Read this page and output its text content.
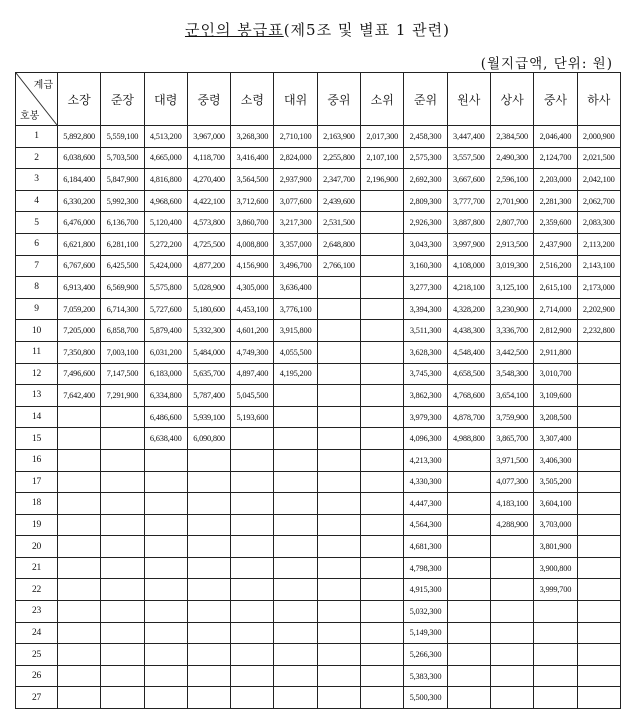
군인의 봉급표(제5조 및 별표 1 관련)
(월지급액, 단위: 원)
계급
호봉	소장	준장	대령	중령	소령	대위	중위	소위	준위	원사	상사	중사	하사
1	5,892,800	5,559,100	4,513,200	3,967,000	3,268,300	2,710,100	2,163,900	2,017,300	2,458,300	3,447,400	2,384,500	2,046,400	2,000,900
2	6,038,600	5,703,500	4,665,000	4,118,700	3,416,400	2,824,000	2,255,800	2,107,100	2,575,300	3,557,500	2,490,300	2,124,700	2,021,500
3	6,184,400	5,847,900	4,816,800	4,270,400	3,564,500	2,937,900	2,347,700	2,196,900	2,692,300	3,667,600	2,596,100	2,203,000	2,042,100
4	6,330,200	5,992,300	4,968,600	4,422,100	3,712,600	3,077,600	2,439,600		2,809,300	3,777,700	2,701,900	2,281,300	2,062,700
5	6,476,000	6,136,700	5,120,400	4,573,800	3,860,700	3,217,300	2,531,500		2,926,300	3,887,800	2,807,700	2,359,600	2,083,300
6	6,621,800	6,281,100	5,272,200	4,725,500	4,008,800	3,357,000	2,648,800		3,043,300	3,997,900	2,913,500	2,437,900	2,113,200
7	6,767,600	6,425,500	5,424,000	4,877,200	4,156,900	3,496,700	2,766,100		3,160,300	4,108,000	3,019,300	2,516,200	2,143,100
8	6,913,400	6,569,900	5,575,800	5,028,900	4,305,000	3,636,400			3,277,300	4,218,100	3,125,100	2,615,100	2,173,000
9	7,059,200	6,714,300	5,727,600	5,180,600	4,453,100	3,776,100			3,394,300	4,328,200	3,230,900	2,714,000	2,202,900
10	7,205,000	6,858,700	5,879,400	5,332,300	4,601,200	3,915,800			3,511,300	4,438,300	3,336,700	2,812,900	2,232,800
11	7,350,800	7,003,100	6,031,200	5,484,000	4,749,300	4,055,500			3,628,300	4,548,400	3,442,500	2,911,800	
12	7,496,600	7,147,500	6,183,000	5,635,700	4,897,400	4,195,200			3,745,300	4,658,500	3,548,300	3,010,700	
13	7,642,400	7,291,900	6,334,800	5,787,400	5,045,500				3,862,300	4,768,600	3,654,100	3,109,600	
14			6,486,600	5,939,100	5,193,600				3,979,300	4,878,700	3,759,900	3,208,500	
15			6,638,400	6,090,800					4,096,300	4,988,800	3,865,700	3,307,400	
16									4,213,300		3,971,500	3,406,300	
17									4,330,300		4,077,300	3,505,200	
18									4,447,300		4,183,100	3,604,100	
19									4,564,300		4,288,900	3,703,000	
20									4,681,300			3,801,900	
21									4,798,300			3,900,800	
22									4,915,300			3,999,700	
23									5,032,300				
24									5,149,300				
25									5,266,300				
26									5,383,300				
27									5,500,300				
